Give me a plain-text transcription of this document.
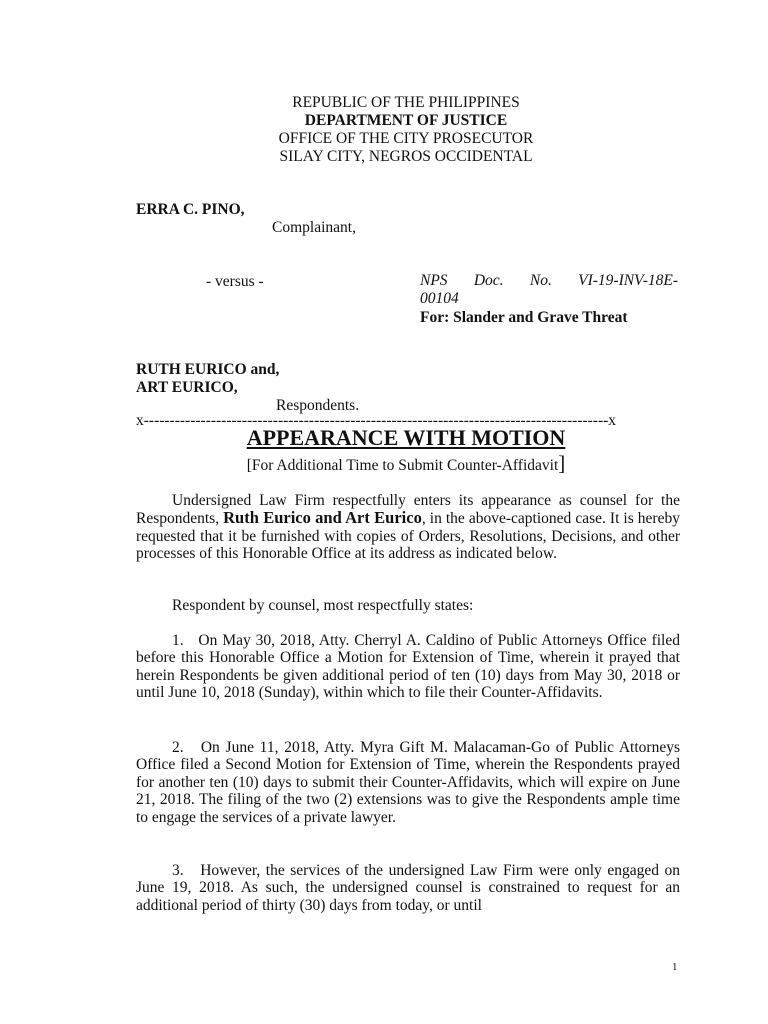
REPUBLIC OF THE PHILIPPINES
DEPARTMENT OF JUSTICE
OFFICE OF THE CITY PROSECUTOR
SILAY CITY, NEGROS OCCIDENTAL
ERRA C. PINO,
Complainant,
- versus -	NPS Doc. No. VI-19-INV-18E-
00104
For: Slander and Grave Threat
RUTH EURICO and,
ART EURICO,
Respondents.
x------------------------------------------------------------------------------------------x
APPEARANCE WITH MOTION
[For Additional Time to Submit Counter-Affidavit]
Undersigned Law Firm respectfully enters its appearance as counsel for the Respondents, Ruth Eurico and Art Eurico, in the above-captioned case. It is hereby requested that it be furnished with copies of Orders, Resolutions, Decisions, and other processes of this Honorable Office at its address as indicated below.
Respondent by counsel, most respectfully states:
1.   On May 30, 2018, Atty. Cherryl A. Caldino of Public Attorneys Office filed before this Honorable Office a Motion for Extension of Time, wherein it prayed that herein Respondents be given additional period of ten (10) days from May 30, 2018 or until June 10, 2018 (Sunday), within which to file their Counter-Affidavits.
2.   On June 11, 2018, Atty. Myra Gift M. Malacaman-Go of Public Attorneys Office filed a Second Motion for Extension of Time, wherein the Respondents prayed for another ten (10) days to submit their Counter-Affidavits, which will expire on June 21, 2018. The filing of the two (2) extensions was to give the Respondents ample time to engage the services of a private lawyer.
3.   However, the services of the undersigned Law Firm were only engaged on June 19, 2018. As such, the undersigned counsel is constrained to request for an additional period of thirty (30) days from today, or until
1
